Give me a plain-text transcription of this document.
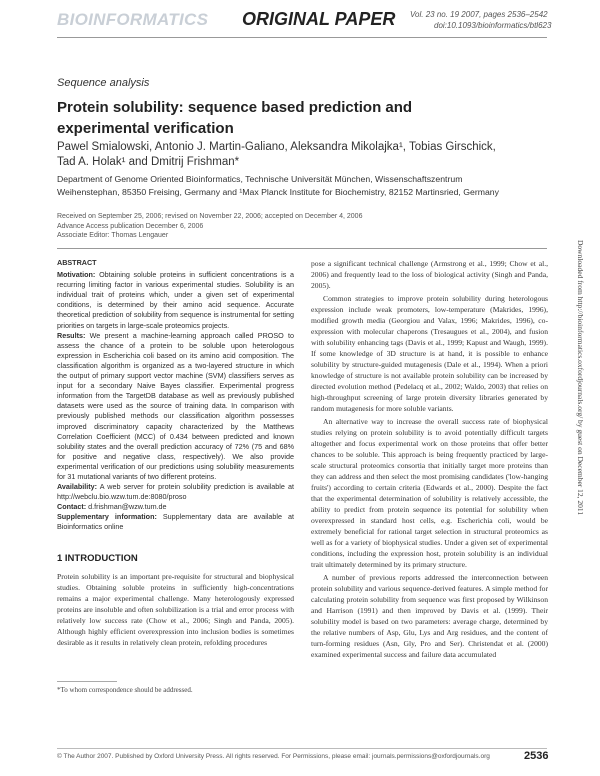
BIOINFORMATICS ORIGINAL PAPER Vol. 23 no. 19 2007, pages 2536–2542
doi:10.1093/bioinformatics/btl623
Sequence analysis
Protein solubility: sequence based prediction and experimental verification
Pawel Smialowski, Antonio J. Martin-Galiano, Aleksandra Mikolajka¹, Tobias Girschick, Tad A. Holak¹ and Dmitrij Frishman*
Department of Genome Oriented Bioinformatics, Technische Universität München, Wissenschaftszentrum Weihenstephan, 85350 Freising, Germany and ¹Max Planck Institute for Biochemistry, 82152 Martinsried, Germany
Received on September 25, 2006; revised on November 22, 2006; accepted on December 4, 2006
Advance Access publication December 6, 2006
Associate Editor: Thomas Lengauer
ABSTRACT

Motivation: Obtaining soluble proteins in sufficient concentrations is a recurring limiting factor in various experimental studies. Solubility is an individual trait of proteins which, under a given set of experimental conditions, is determined by their amino acid sequence. Accurate theoretical prediction of solubility from sequence is instrumental for setting priorities on targets in large-scale proteomics projects.

Results: We present a machine-learning approach called PROSO to assess the chance of a protein to be soluble upon heterologous expression in Escherichia coli based on its amino acid composition. The classification algorithm is organized as a two-layered structure in which the output of primary support vector machine (SVM) classifiers serves as input for a secondary Naive Bayes classifier. Experimental progress information from the TargetDB database as well as previously published datasets were used as the source of training data. In comparison with previously published methods our classification algorithm possesses improved discriminatory capacity characterized by the Matthews Correlation Coefficient (MCC) of 0.434 between predicted and known solubility states and the overall prediction accuracy of 72% (75 and 68% for positive and negative class, respectively). We also provide experimental verification of our predictions using solubility measurements for 31 mutational variants of two different proteins.

Availability: A web server for protein solubility prediction is available at http://webclu.bio.wzw.tum.de:8080/proso

Contact: d.frishman@wzw.tum.de

Supplementary information: Supplementary data are available at Bioinformatics online

1 INTRODUCTION
Protein solubility is an important pre-requisite for structural and biophysical studies. Obtaining soluble proteins in sufficiently high-concentrations remains a major experimental challenge. Many heterologously expressed proteins are insoluble and often solubilization is a trial and error process with relatively low success rate (Chow et al., 2006; Singh and Panda, 2005). Although highly efficient overexpression into inclusion bodies is sometimes desirable as it results in relatively clean protein, refolding procedures
*To whom correspondence should be addressed.

pose a significant technical challenge (Armstrong et al., 1999; Chow et al., 2006) and frequently lead to the loss of biological activity (Singh and Panda, 2005).

Common strategies to improve protein solubility during heterologous expression include weak promoters, low-temperature (Makrides, 1996), modified growth media (Georgiou and Valax, 1996; Makrides, 1996), co-expression with molecular chaperons (Tresaugues et al., 2004), and fusion with solubility enhancing tags (Davis et al., 1999; Kapust and Waugh, 1999). If some knowledge of 3D structure is at hand, it is possible to enhance solubility by structure-guided mutagenesis (Dale et al., 1994). When a priori knowledge of structure is not available protein solubility can be increased by directed evolution method (Pedelacq et al., 2002; Waldo, 2003) that relies on high-throughput screening of large protein diversity libraries generated by random mutagenesis for more soluble variants.

An alternative way to increase the overall success rate of biophysical studies relying on protein solubility is to avoid potentially difficult targets altogether and focus experimental work on those proteins that offer better chances to be soluble. This approach is being frequently practiced by large-scale structural proteomics consortia that initially target more proteins than they can address and then select the most promising candidates ('low-hanging fruits') according to certain criteria (Edwards et al., 2000). Despite the fact that the experimental determination of solubility is relatively accessible, the ability to predict from protein sequence its potential for solubility when overexpressed in standard host cells, e.g. Escherichia coli, would be extremely beneficial for rational target selection in structural proteomics as well as for a variety of biophysical studies. Under a given set of experimental conditions, including the expression host, protein solubility is an individual trait ultimately determined by its primary structure.

A number of previous reports addressed the interconnection between protein solubility and various sequence-derived features. A simple method for calculating protein solubility from sequence was first proposed by Wilkinson and Harrison (1991) and then improved by Davis et al. (1999). Their solubility model is based on two parameters: average charge, determined by the relative numbers of Asp, Glu, Lys and Arg residues, and the content of turn-forming residues (Asn, Gly, Pro and Ser). Christendat et al. (2000) examined experimental success and failure data accumulated

© The Author 2007. Published by Oxford University Press. All rights reserved. For Permissions, please email: journals.permissions@oxfordjournals.org	2536
Downloaded from http://bioinformatics.oxfordjournals.org/ by guest on December 12, 2011
